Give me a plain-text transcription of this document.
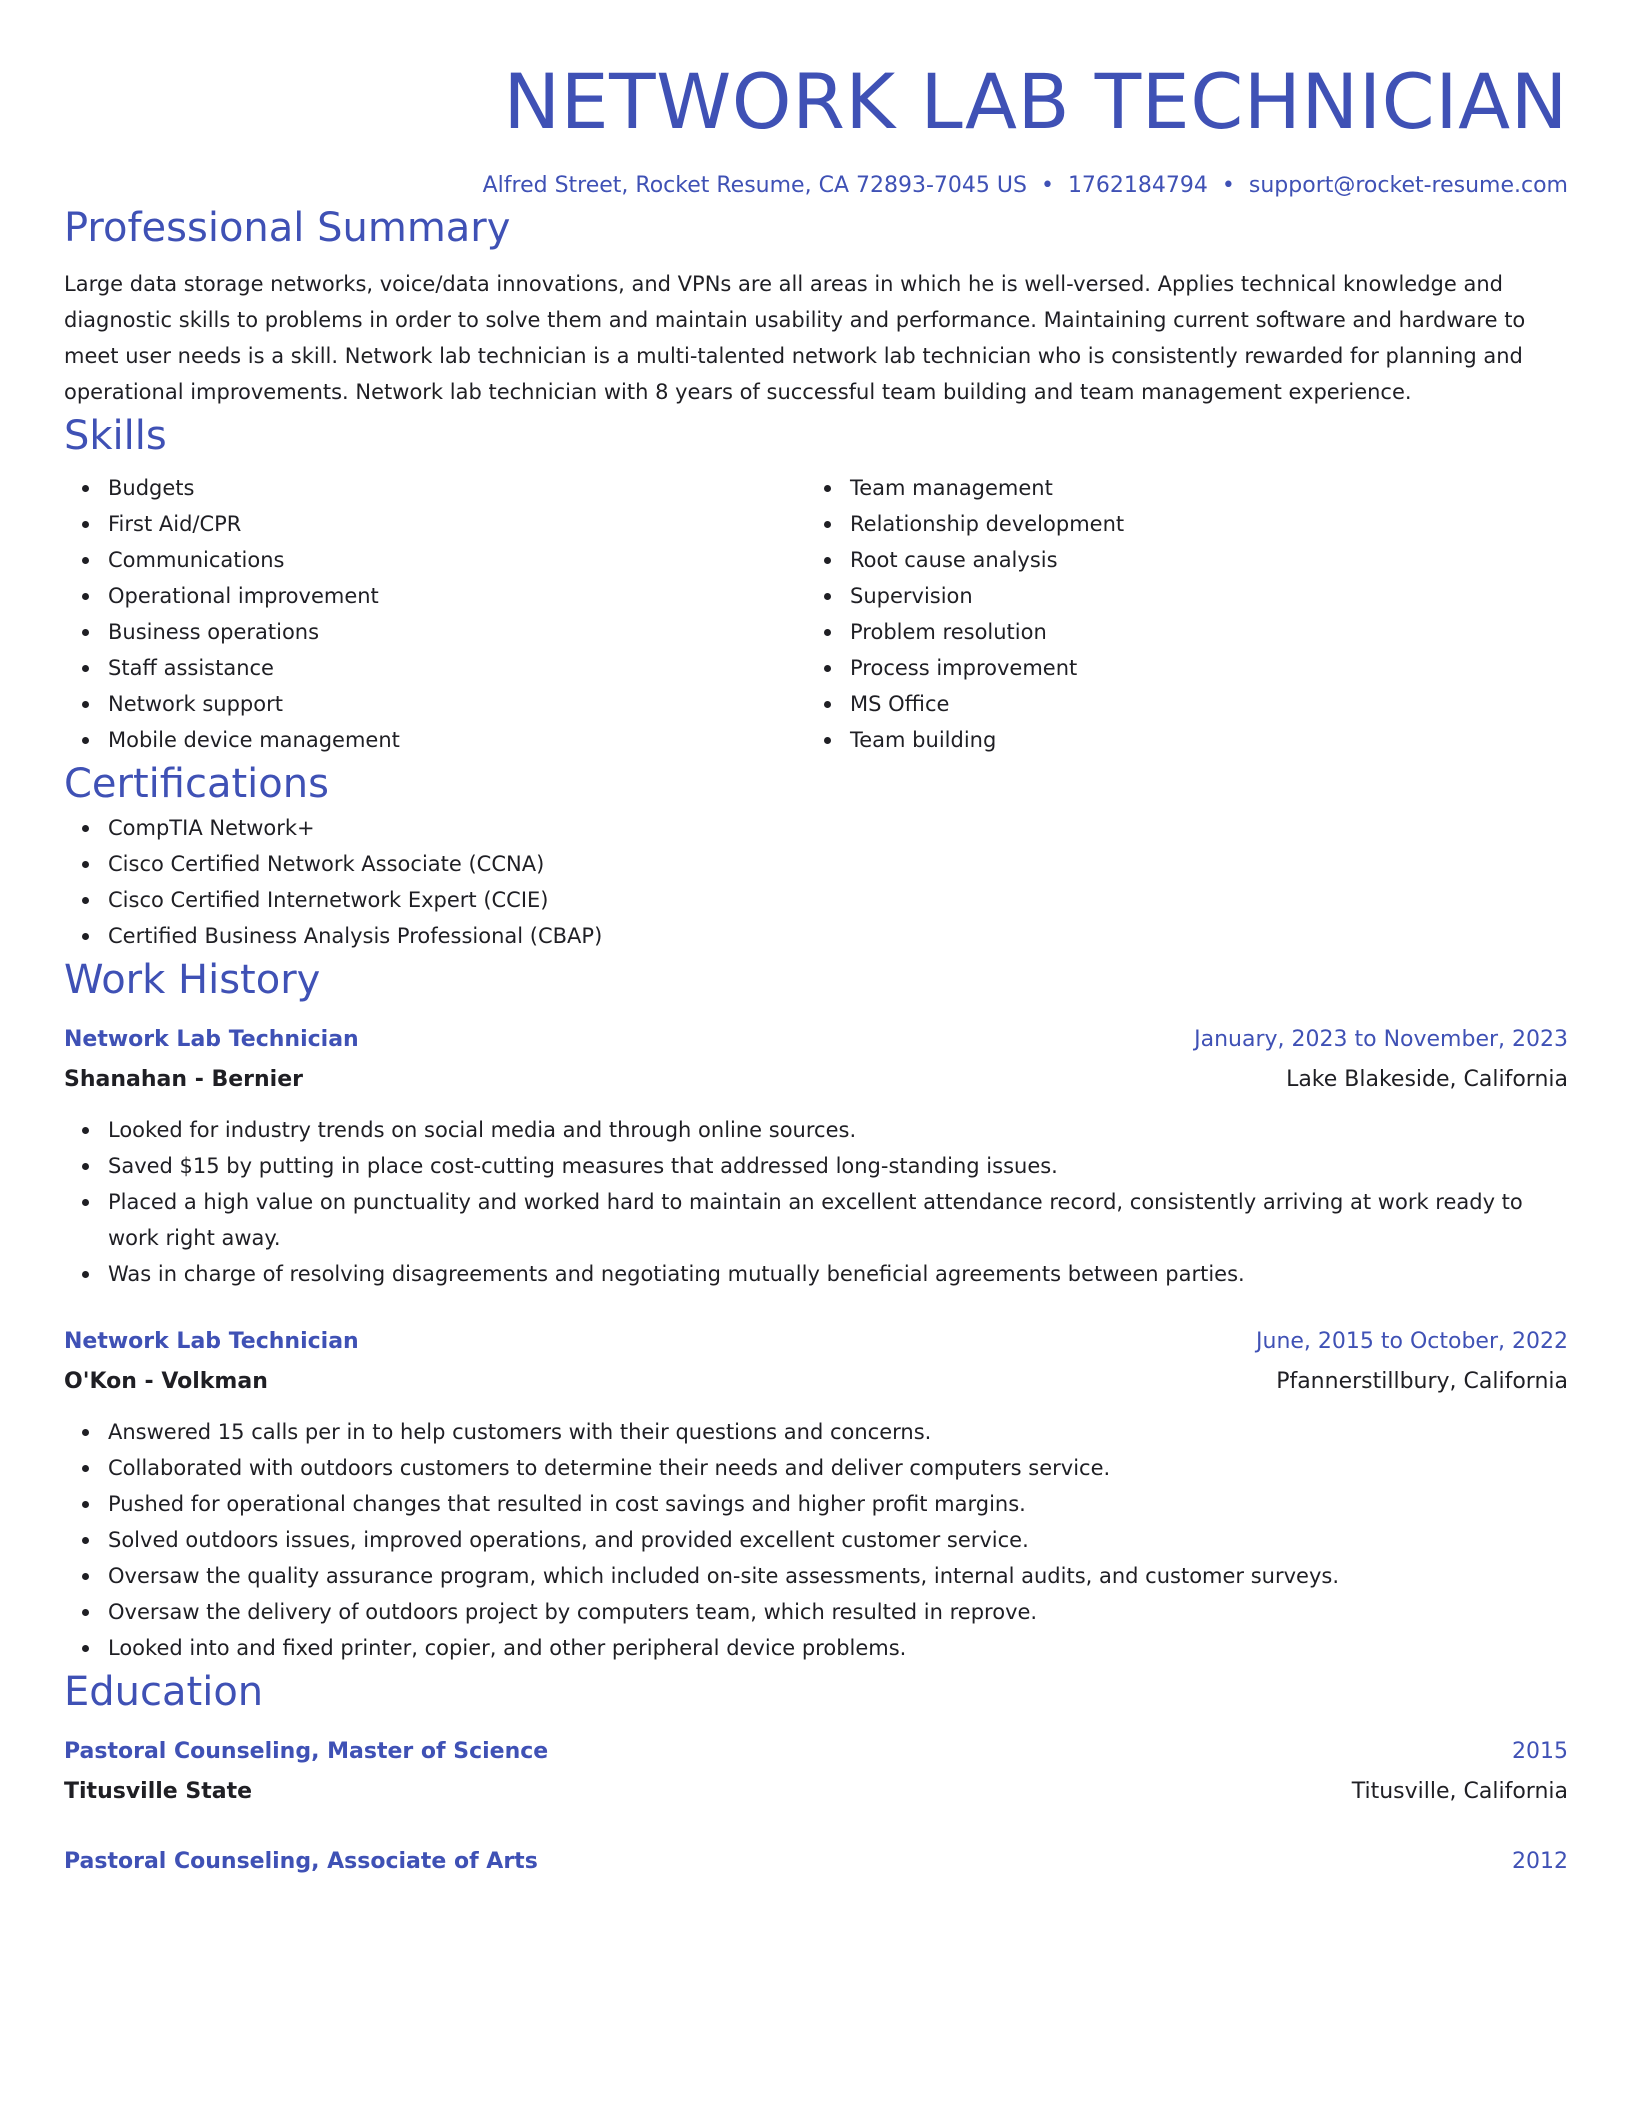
NETWORK LAB TECHNICIAN
Alfred Street, Rocket Resume, CA 72893-7045 US • 1762184794 • support@rocket-resume.com
Professional Summary
Large data storage networks, voice/data innovations, and VPNs are all areas in which he is well-versed. Applies technical knowledge and diagnostic skills to problems in order to solve them and maintain usability and performance. Maintaining current software and hardware to meet user needs is a skill. Network lab technician is a multi-talented network lab technician who is consistently rewarded for planning and operational improvements. Network lab technician with 8 years of successful team building and team management experience.
Skills
Budgets
First Aid/CPR
Communications
Operational improvement
Business operations
Staff assistance
Network support
Mobile device management
Team management
Relationship development
Root cause analysis
Supervision
Problem resolution
Process improvement
MS Office
Team building
Certifications
CompTIA Network+
Cisco Certified Network Associate (CCNA)
Cisco Certified Internetwork Expert (CCIE)
Certified Business Analysis Professional (CBAP)
Work History
Network Lab Technician	January, 2023 to November, 2023
Shanahan - Bernier	Lake Blakeside, California
Looked for industry trends on social media and through online sources.
Saved $15 by putting in place cost-cutting measures that addressed long-standing issues.
Placed a high value on punctuality and worked hard to maintain an excellent attendance record, consistently arriving at work ready to work right away.
Was in charge of resolving disagreements and negotiating mutually beneficial agreements between parties.
Network Lab Technician	June, 2015 to October, 2022
O'Kon - Volkman	Pfannerstillbury, California
Answered 15 calls per in to help customers with their questions and concerns.
Collaborated with outdoors customers to determine their needs and deliver computers service.
Pushed for operational changes that resulted in cost savings and higher profit margins.
Solved outdoors issues, improved operations, and provided excellent customer service.
Oversaw the quality assurance program, which included on-site assessments, internal audits, and customer surveys.
Oversaw the delivery of outdoors project by computers team, which resulted in reprove.
Looked into and fixed printer, copier, and other peripheral device problems.
Education
Pastoral Counseling, Master of Science	2015
Titusville State	Titusville, California
Pastoral Counseling, Associate of Arts	2012
